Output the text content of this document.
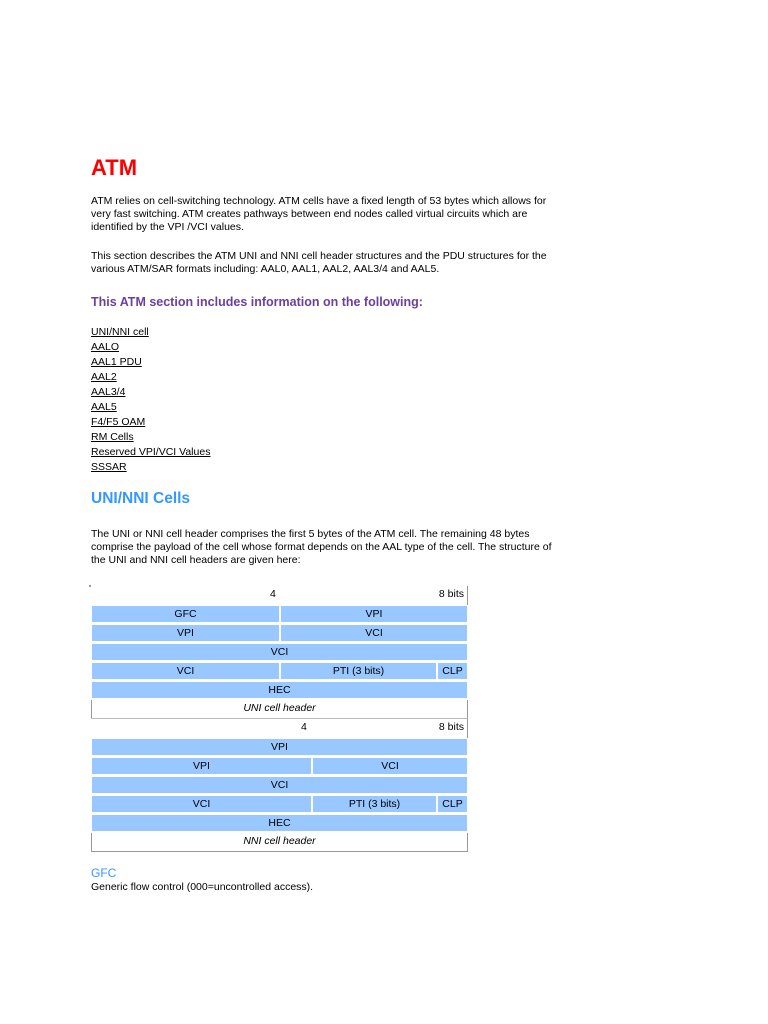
ATM

ATM relies on cell-switching technology. ATM cells have a fixed length of 53 bytes which allows for very fast switching. ATM creates pathways between end nodes called virtual circuits which are identified by the VPI /VCI values.

This section describes the ATM UNI and NNI cell header structures and the PDU structures for the various ATM/SAR formats including: AAL0, AAL1, AAL2, AAL3/4 and AAL5.

This ATM section includes information on the following:
UNI/NNI cell
AALO
AAL1 PDU
AAL2
AAL3/4
AAL5
F4/F5 OAM
RM Cells
Reserved VPI/VCI Values
SSSAR
UNI/NNI Cells

The UNI or NNI cell header comprises the first 5 bytes of the ATM cell. The remaining 48 bytes comprise the payload of the cell whose format depends on the AAL type of the cell. The structure of the UNI and NNI cell headers are given here:

4	8 bits
GFC	VPI
VPI	VCI
VCI
VCI	PTI (3 bits)	CLP
HEC
UNI cell header
4	8 bits
VPI
VPI	VCI
VCI
VCI	PTI (3 bits)	CLP
HEC
NNI cell header
GFC

Generic flow control (000=uncontrolled access).
